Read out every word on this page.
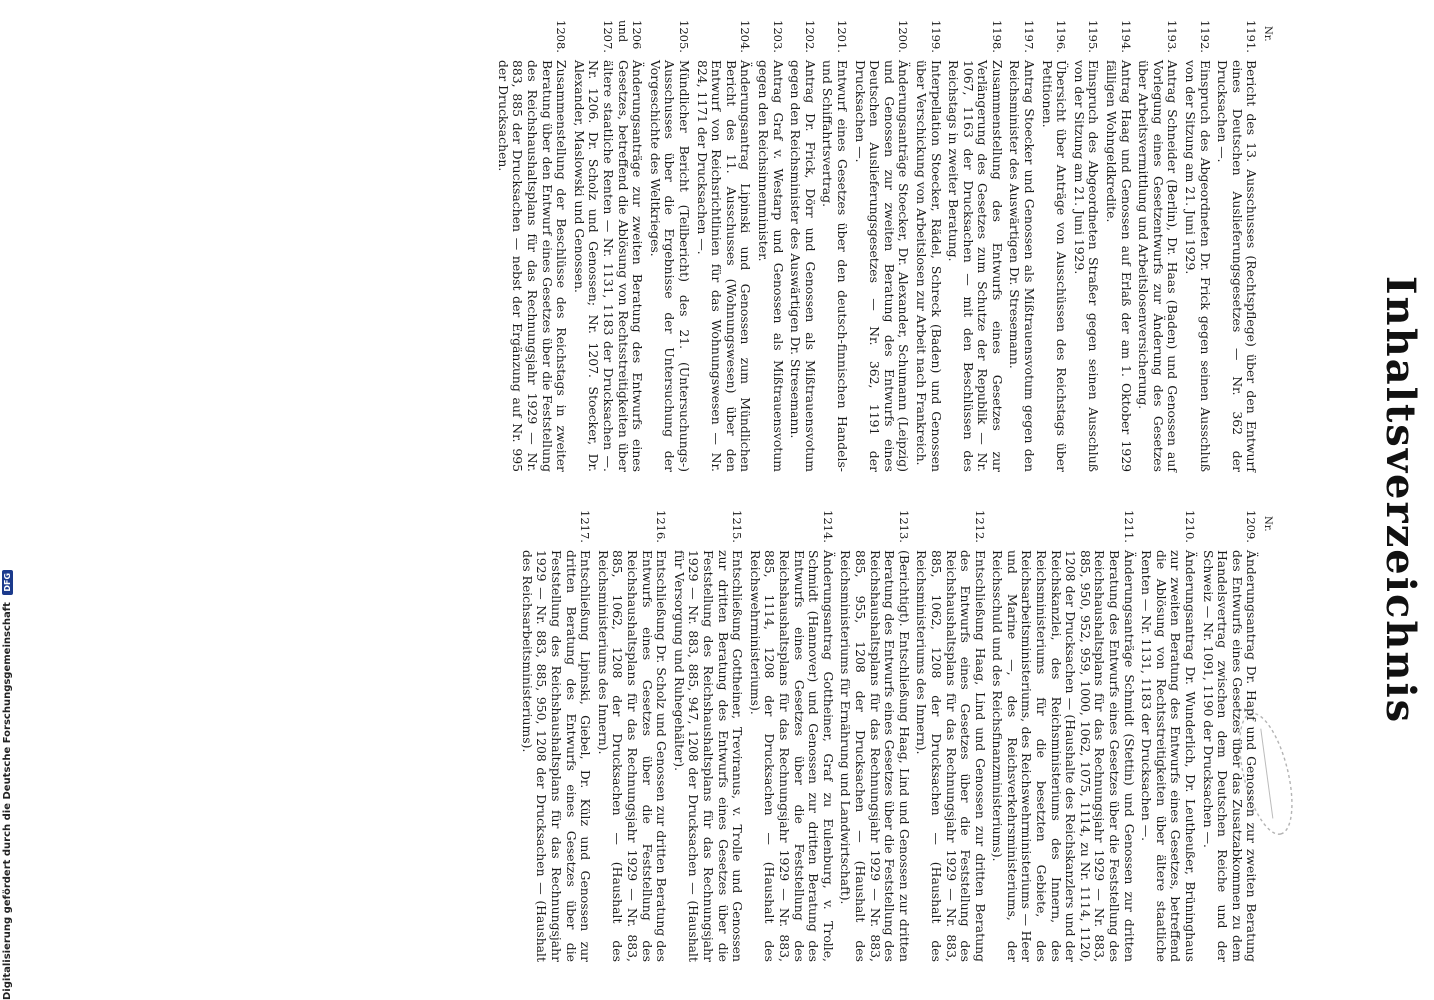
Inhaltsverzeichnis
Nr.
1191.
Bericht des 13. Ausschusses (Rechtspflege) über den Entwurf eines Deutschen Auslieferungsgesetzes — Nr. 362 der Drucksachen —.
1192.
Einspruch des Abgeordneten Dr. Frick gegen seinen Ausschluß von der Sitzung am 21. Juni 1929.
1193.
Antrag Schneider (Berlin), Dr. Haas (Baden) und Genossen auf Vorlegung eines Gesetzentwurfs zur Änderung des Gesetzes über Arbeitsvermittlung und Arbeitslosenversicherung.
1194.
Antrag Haag und Genossen auf Erlaß der am 1. Oktober 1929 fälligen Wohngeldkredite.
1195.
Einspruch des Abgeordneten Straßer gegen seinen Ausschluß von der Sitzung am 21. Juni 1929.
1196.
Übersicht über Anträge von Ausschüssen des Reichstags über Petitionen.
1197.
Antrag Stoecker und Genossen als Mißtrauensvotum gegen den Reichsminister des Auswärtigen Dr. Stresemann.
1198.
Zusammenstellung des Entwurfs eines Gesetzes zur Verlängerung des Gesetzes zum Schutze der Republik — Nr. 1067, 1163 der Drucksachen — mit den Beschlüssen des Reichstags in zweiter Beratung.
1199.
Interpellation Stoecker, Rädel, Schreck (Baden) und Genossen über Verschickung von Arbeitslosen zur Arbeit nach Frankreich.
1200.
Änderungsanträge Stoecker, Dr. Alexander, Schumann (Leipzig) und Genossen zur zweiten Beratung des Entwurfs eines Deutschen Auslieferungsgesetzes — Nr. 362, 1191 der Drucksachen —.
1201.
Entwurf eines Gesetzes über den deutsch-finnischen Handels- und Schiffahrtsvertrag.
1202.
Antrag Dr. Frick, Dörr und Genossen als Mißtrauensvotum gegen den Reichsminister des Auswärtigen Dr. Stresemann.
1203.
Antrag Graf v. Westarp und Genossen als Mißtrauensvotum gegen den Reichsinnenminister.
1204.
Änderungsantrag Lipinski und Genossen zum Mündlichen Bericht des 11. Ausschusses (Wohnungswesen) über den Entwurf von Reichsrichtlinien für das Wohnungswesen — Nr. 824, 1171 der Drucksachen —.
1205.
Mündlicher Bericht (Teilbericht) des 21. (Untersuchungs-) Ausschusses über die Ergebnisse der Untersuchung der Vorgeschichte des Weltkrieges.
1206 und 1207.
Änderungsanträge zur zweiten Beratung des Entwurfs eines Gesetzes, betreffend die Ablösung von Rechtsstreitigkeiten über ältere staatliche Renten — Nr. 1131, 1183 der Drucksachen —. Nr. 1206. Dr. Scholz und Genossen; Nr. 1207. Stoecker, Dr. Alexander, Maslowski und Genossen.
1208.
Zusammenstellung der Beschlüsse des Reichstags in zweiter Beratung über den Entwurf eines Gesetzes über die Feststellung des Reichshaushaltsplans für das Rechnungsjahr 1929 — Nr. 883, 885 der Drucksachen — nebst der Ergänzung auf Nr. 995 der Drucksachen.
Nr.
1209.
Änderungsantrag Dr. Hapf und Genossen zur zweiten Beratung des Entwurfs eines Gesetzes über das Zusatzabkommen zu dem Handelsvertrag zwischen dem Deutschen Reiche und der Schweiz — Nr. 1091, 1190 der Drucksachen —.
1210.
Änderungsantrag Dr. Wunderlich, Dr. Leutheußer, Brüninghaus zur zweiten Beratung des Entwurfs eines Gesetzes, betreffend die Ablösung von Rechtsstreitigkeiten über ältere staatliche Renten — Nr. 1131, 1183 der Drucksachen —.
1211.
Änderungsanträge Schmidt (Stettin) und Genossen zur dritten Beratung des Entwurfs eines Gesetzes über die Feststellung des Reichshaushaltsplans für das Rechnungsjahr 1929 — Nr. 883, 885, 950, 952, 959, 1000, 1062, 1075, 1114, zu Nr. 1114, 1120, 1208 der Drucksachen — (Haushalte des Reichskanzlers und der Reichskanzlei, des Reichsministeriums des Innern, des Reichsministeriums für die besetzten Gebiete, des Reichsarbeitsministeriums, des Reichswehrministeriums — Heer und Marine —, des Reichsverkehrsministeriums, der Reichsschuld und des Reichsfinanzministeriums).
1212.
Entschließung Haag, Lind und Genossen zur dritten Beratung des Entwurfs eines Gesetzes über die Feststellung des Reichshaushaltsplans für das Rechnungsjahr 1929 — Nr. 883, 885, 1062, 1208 der Drucksachen — (Haushalt des Reichsministeriums des Innern).
1213.
(Berichtigt). Entschließung Haag, Lind und Genossen zur dritten Beratung des Entwurfs eines Gesetzes über die Feststellung des Reichshaushaltsplans für das Rechnungsjahr 1929 — Nr. 883, 885, 955, 1208 der Drucksachen — (Haushalt des Reichsministeriums für Ernährung und Landwirtschaft).
1214.
Änderungsantrag Gottheiner, Graf zu Eulenburg, v. Trolle, Schmidt (Hannover) und Genossen zur dritten Beratung des Entwurfs eines Gesetzes über die Feststellung des Reichshaushaltsplans für das Rechnungsjahr 1929 — Nr. 883, 885, 1114, 1208 der Drucksachen — (Haushalt des Reichswehrministeriums).
1215.
Entschließung Gottheiner, Treviranus, v. Trolle und Genossen zur dritten Beratung des Entwurfs eines Gesetzes über die Feststellung des Reichshaushaltsplans für das Rechnungsjahr 1929 — Nr. 883, 885, 947, 1208 der Drucksachen — (Haushalt für Versorgung und Ruhegehälter).
1216.
Entschließung Dr. Scholz und Genossen zur dritten Beratung des Entwurfs eines Gesetzes über die Feststellung des Reichshaushaltsplans für das Rechnungsjahr 1929 — Nr. 883, 885, 1062, 1208 der Drucksachen — (Haushalt des Reichsministeriums des Innern).
1217.
Entschließung Lipinski, Giebel, Dr. Külz und Genossen zur dritten Beratung des Entwurfs eines Gesetzes über die Feststellung des Reichshaushaltsplans für das Rechnungsjahr 1929 — Nr. 883, 885, 950, 1208 der Drucksachen — (Haushalt des Reichsarbeitsministeriums).
Digitalisierung gefördert durch die Deutsche Forschungsgemeinschaft DFG
